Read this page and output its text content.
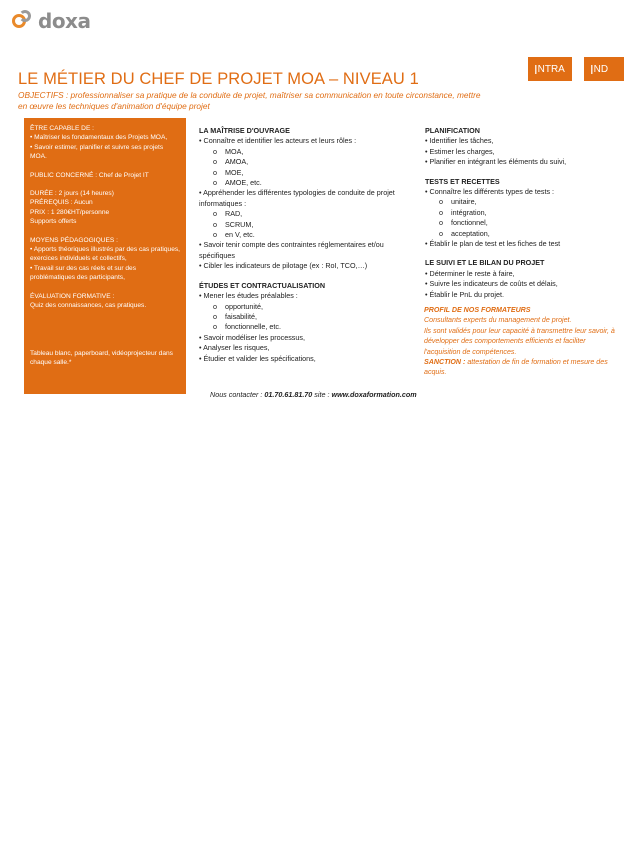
doxa
I NTRA I ND
LE MÉTIER DU CHEF DE PROJET MOA – NIVEAU 1
OBJECTIFS : professionnaliser sa pratique de la conduite de projet, maîtriser sa communication en toute circonstance, mettre en œuvre les techniques d'animation d'équipe projet

ÊTRE CAPABLE DE :

• Maîtriser les fondamentaux des Projets MOA,

• Savoir estimer, planifier et suivre ses projets MOA.

PUBLIC CONCERNÉ : Chef de Projet IT

DURÉE : 2 jours (14 heures)

PRÉREQUIS : Aucun

PRIX : 1 280€HT/personne

Supports offerts

MOYENS PÉDAGOGIQUES :

• Apports théoriques illustrés par des cas pratiques, exercices individuels et collectifs,

• Travail sur des cas réels et sur des problématiques des participants,

ÉVALUATION FORMATIVE :

Quiz des connaissances, cas pratiques.

Tableau blanc, paperboard, vidéoprojecteur dans chaque salle.*

LA MAÎTRISE D'OUVRAGE

• Connaître et identifier les acteurs et leurs rôles :

o MOA,

o AMOA,

o MOE,

o AMOE, etc.

• Appréhender les différentes typologies de conduite de projet informatiques :

o RAD,

o SCRUM,

o en V, etc.

• Savoir tenir compte des contraintes réglementaires et/ou spécifiques

• Cibler les indicateurs de pilotage (ex : RoI, TCO,…)

ÉTUDES ET CONTRACTUALISATION

• Mener les études préalables :

o opportunité,

o faisabilité,

o fonctionnelle, etc.

• Savoir modéliser les processus,

• Analyser les risques,

• Étudier et valider les spécifications,

PLANIFICATION

• Identifier les tâches,

• Estimer les charges,

• Planifier en intégrant les éléments du suivi,

TESTS ET RECETTES

• Connaître les différents types de tests :

o unitaire,

o intégration,

o fonctionnel,

o acceptation,

• Établir le plan de test et les fiches de test

LE SUIVI ET LE BILAN DU PROJET

• Déterminer le reste à faire,

• Suivre les indicateurs de coûts et délais,

• Établir le PnL du projet.

PROFIL DE NOS FORMATEURS

Consultants experts du management de projet.

Ils sont validés pour leur capacité à transmettre leur savoir, à développer des comportements efficients et faciliter l'acquisition de compétences.

SANCTION : attestation de fin de formation et mesure des acquis.

Nous contacter : 01.70.61.81.70 site : www.doxaformation.com
